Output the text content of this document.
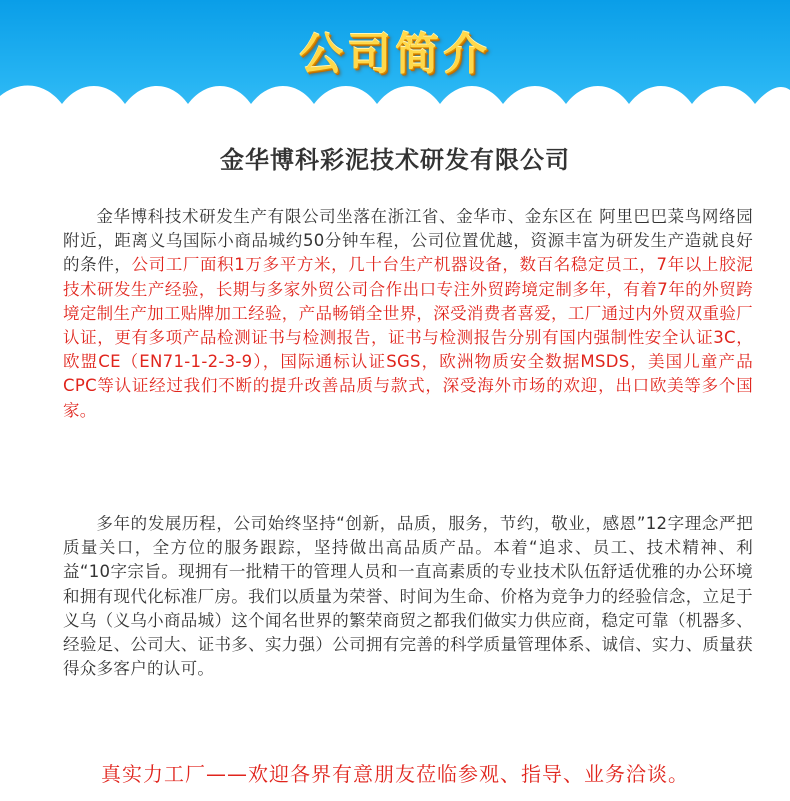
公司简介
金华博科彩泥技术研发有限公司
金华博科技术研发生产有限公司坐落在浙江省、金华市、金东区在 阿里巴巴菜鸟网络园附近，距离义乌国际小商品城约50分钟车程，公司位置优越，资源丰富为研发生产造就良好的条件，公司工厂面积1万多平方米，几十台生产机器设备，数百名稳定员工，7年以上胶泥技术研发生产经验，长期与多家外贸公司合作出口专注外贸跨境定制多年，有着7年的外贸跨境定制生产加工贴牌加工经验，产品畅销全世界，深受消费者喜爱，工厂通过内外贸双重验厂认证，更有多项产品检测证书与检测报告，证书与检测报告分别有国内强制性安全认证3C，欧盟CE（EN71-1-2-3-9），国际通标认证SGS，欧洲物质安全数据MSDS，美国儿童产品CPC等认证经过我们不断的提升改善品质与款式，深受海外市场的欢迎，出口欧美等多个国家。
多年的发展历程，公司始终坚持“创新，品质，服务，节约，敬业，感恩”12字理念严把质量关口，全方位的服务跟踪，坚持做出高品质产品。本着“追求、员工、技术精神、利益“10字宗旨。现拥有一批精干的管理人员和一直高素质的专业技术队伍舒适优雅的办公环境和拥有现代化标准厂房。我们以质量为荣誉、时间为生命、价格为竞争力的经验信念，立足于义乌（义乌小商品城）这个闻名世界的繁荣商贸之都我们做实力供应商，稳定可靠（机器多、经验足、公司大、证书多、实力强）公司拥有完善的科学质量管理体系、诚信、实力、质量获得众多客户的认可。
真实力工厂——欢迎各界有意朋友莅临参观、指导、业务洽谈。
